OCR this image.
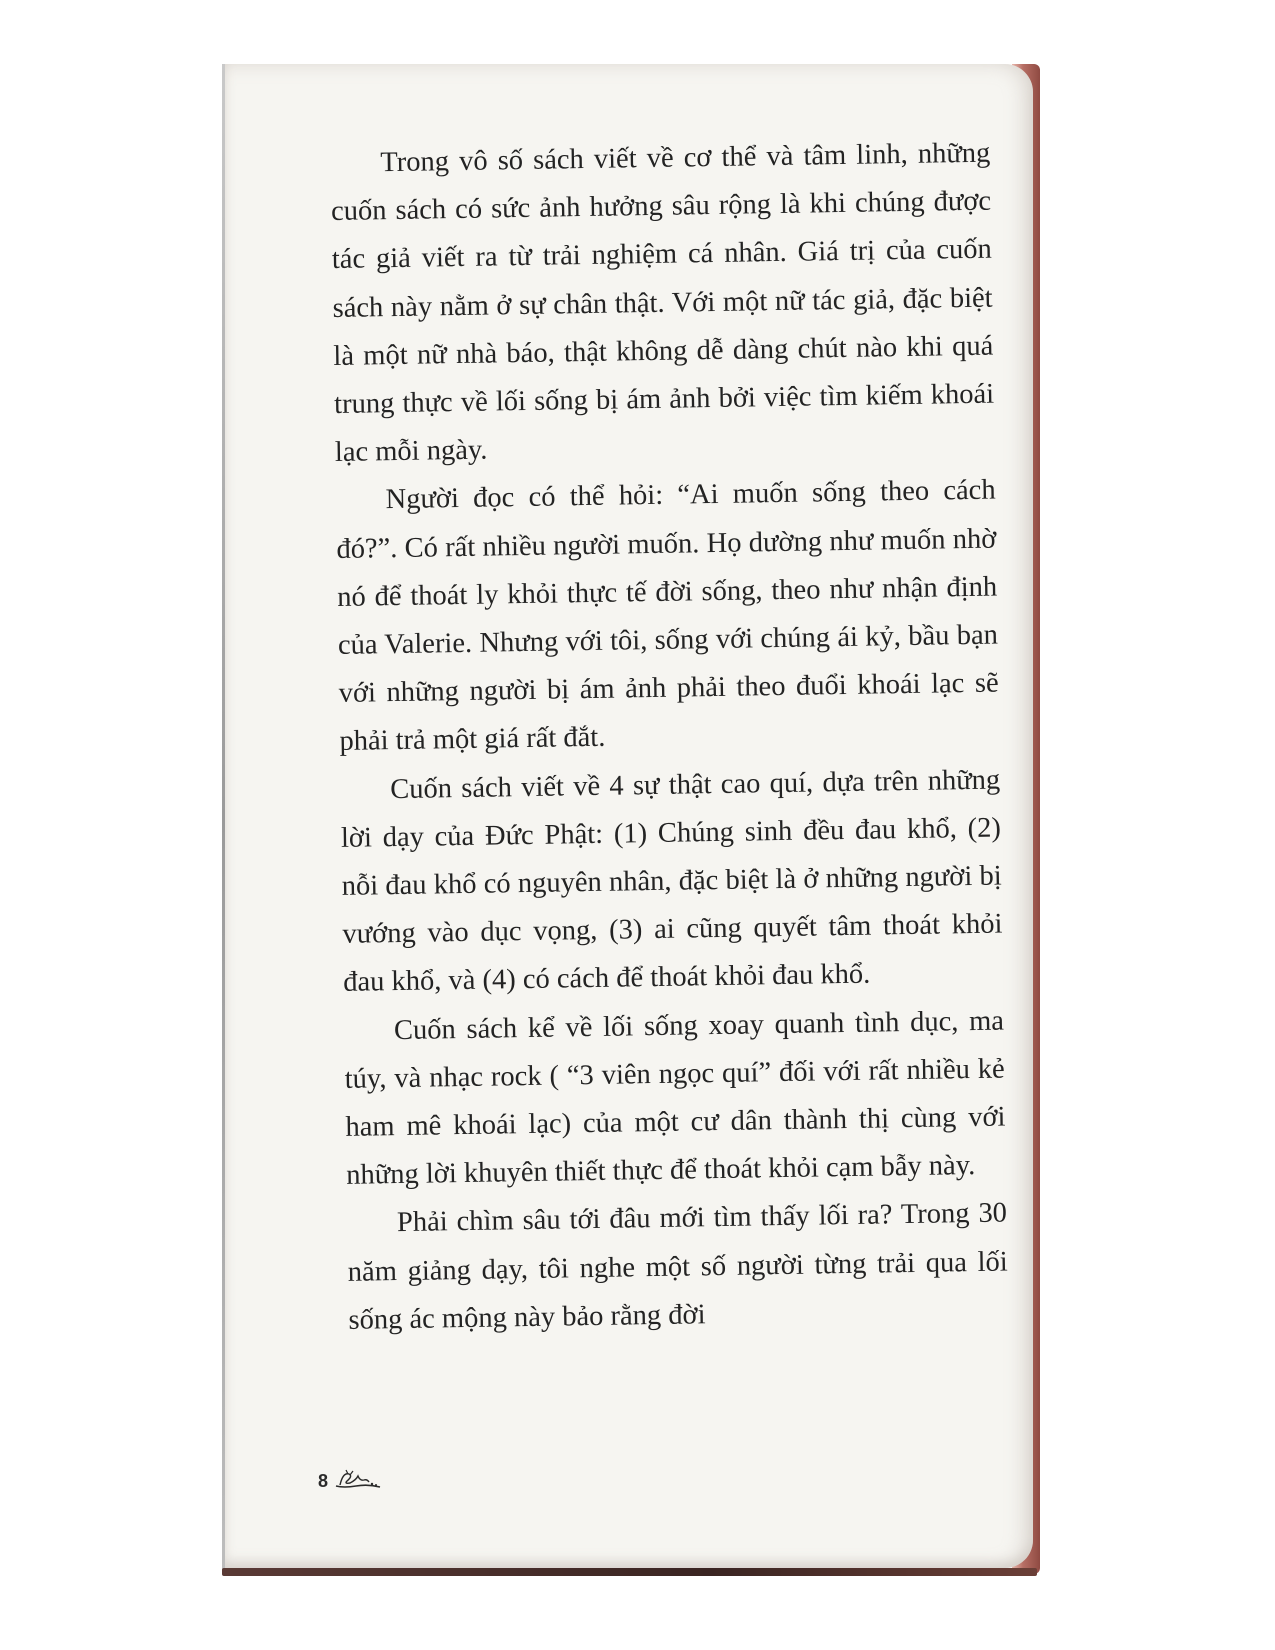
Trong vô số sách viết về cơ thể và tâm linh, những cuốn sách có sức ảnh hưởng sâu rộng là khi chúng được tác giả viết ra từ trải nghiệm cá nhân. Giá trị của cuốn sách này nằm ở sự chân thật. Với một nữ tác giả, đặc biệt là một nữ nhà báo, thật không dễ dàng chút nào khi quá trung thực về lối sống bị ám ảnh bởi việc tìm kiếm khoái lạc mỗi ngày.

Người đọc có thể hỏi: “Ai muốn sống theo cách đó?”. Có rất nhiều người muốn. Họ dường như muốn nhờ nó để thoát ly khỏi thực tế đời sống, theo như nhận định của Valerie. Nhưng với tôi, sống với chúng ái kỷ, bầu bạn với những người bị ám ảnh phải theo đuổi khoái lạc sẽ phải trả một giá rất đắt.

Cuốn sách viết về 4 sự thật cao quí, dựa trên những lời dạy của Đức Phật: (1) Chúng sinh đều đau khổ, (2) nỗi đau khổ có nguyên nhân, đặc biệt là ở những người bị vướng vào dục vọng, (3) ai cũng quyết tâm thoát khỏi đau khổ, và (4) có cách để thoát khỏi đau khổ.

Cuốn sách kể về lối sống xoay quanh tình dục, ma túy, và nhạc rock ( “3 viên ngọc quí” đối với rất nhiều kẻ ham mê khoái lạc) của một cư dân thành thị cùng với những lời khuyên thiết thực để thoát khỏi cạm bẫy này.

Phải chìm sâu tới đâu mới tìm thấy lối ra? Trong 30 năm giảng dạy, tôi nghe một số người từng trải qua lối sống ác mộng này bảo rằng đời

8
